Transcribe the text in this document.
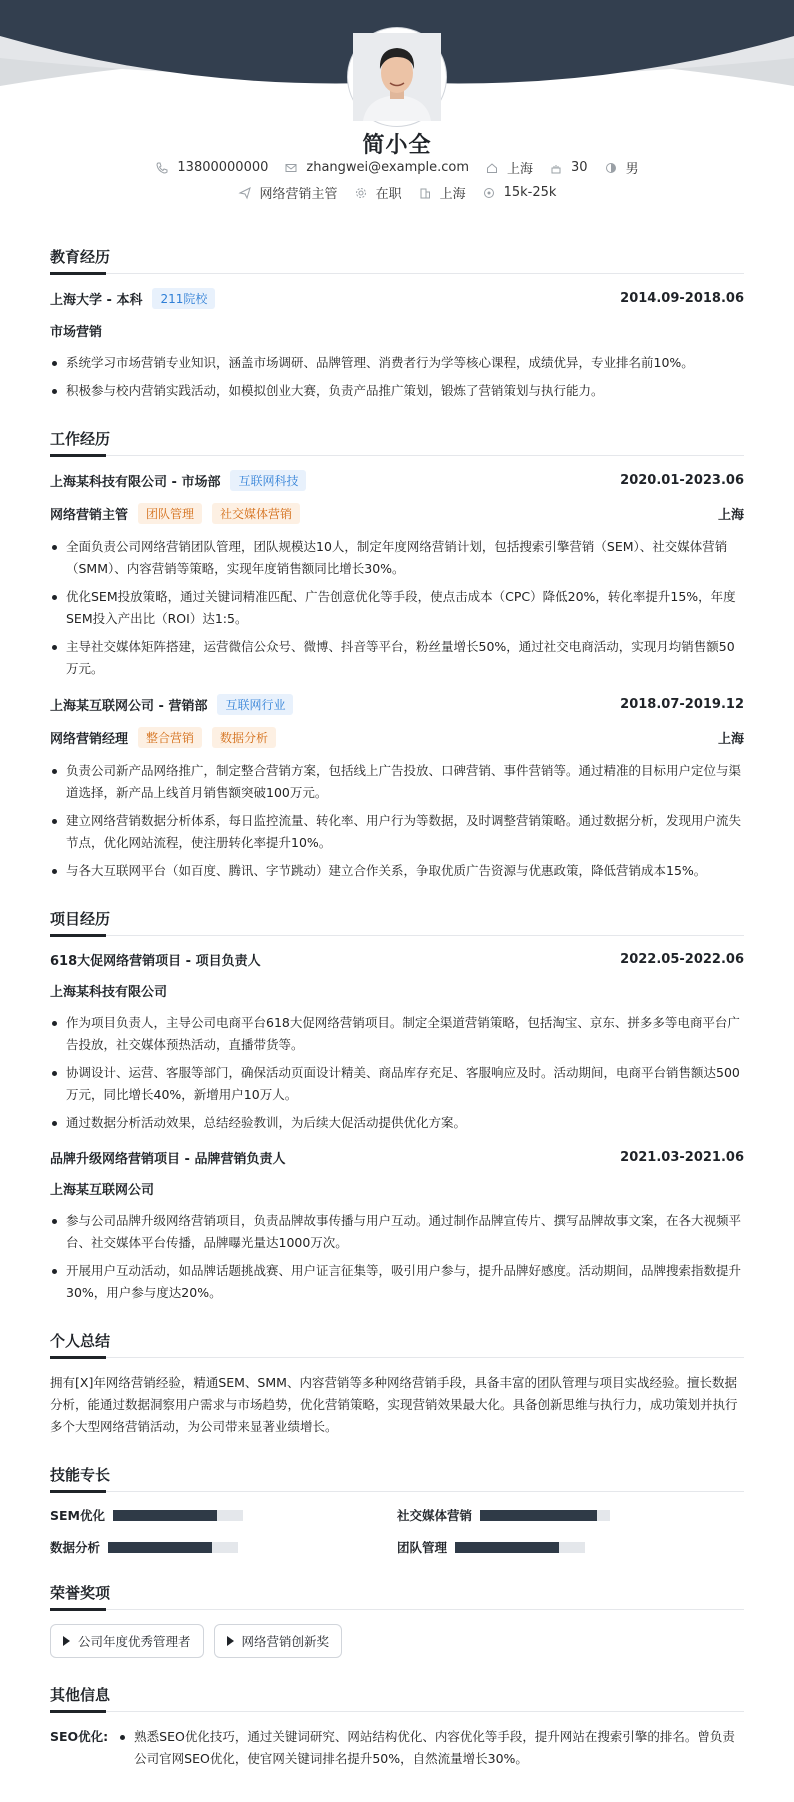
简小全
13800000000	zhangwei@example.com	上海	30	男
网络营销主管	在职	上海	15k-25k
教育经历
上海大学 - 本科	211院校	2014.09-2018.06
市场营销
系统学习市场营销专业知识，涵盖市场调研、品牌管理、消费者行为学等核心课程，成绩优异，专业排名前10%。
积极参与校内营销实践活动，如模拟创业大赛，负责产品推广策划，锻炼了营销策划与执行能力。
工作经历
上海某科技有限公司 - 市场部	互联网科技	2020.01-2023.06
网络营销主管	团队管理	社交媒体营销	上海
全面负责公司网络营销团队管理，团队规模达10人，制定年度网络营销计划，包括搜索引擎营销（SEM）、社交媒体营销（SMM）、内容营销等策略，实现年度销售额同比增长30%。
优化SEM投放策略，通过关键词精准匹配、广告创意优化等手段，使点击成本（CPC）降低20%，转化率提升15%，年度SEM投入产出比（ROI）达1:5。
主导社交媒体矩阵搭建，运营微信公众号、微博、抖音等平台，粉丝量增长50%，通过社交电商活动，实现月均销售额50万元。
上海某互联网公司 - 营销部	互联网行业	2018.07-2019.12
网络营销经理	整合营销	数据分析	上海
负责公司新产品网络推广，制定整合营销方案，包括线上广告投放、口碑营销、事件营销等。通过精准的目标用户定位与渠道选择，新产品上线首月销售额突破100万元。
建立网络营销数据分析体系，每日监控流量、转化率、用户行为等数据，及时调整营销策略。通过数据分析，发现用户流失节点，优化网站流程，使注册转化率提升10%。
与各大互联网平台（如百度、腾讯、字节跳动）建立合作关系，争取优质广告资源与优惠政策，降低营销成本15%。
项目经历
618大促网络营销项目 - 项目负责人	2022.05-2022.06
上海某科技有限公司
作为项目负责人，主导公司电商平台618大促网络营销项目。制定全渠道营销策略，包括淘宝、京东、拼多多等电商平台广告投放，社交媒体预热活动，直播带货等。
协调设计、运营、客服等部门，确保活动页面设计精美、商品库存充足、客服响应及时。活动期间，电商平台销售额达500万元，同比增长40%，新增用户10万人。
通过数据分析活动效果，总结经验教训，为后续大促活动提供优化方案。
品牌升级网络营销项目 - 品牌营销负责人	2021.03-2021.06
上海某互联网公司
参与公司品牌升级网络营销项目，负责品牌故事传播与用户互动。通过制作品牌宣传片、撰写品牌故事文案，在各大视频平台、社交媒体平台传播，品牌曝光量达1000万次。
开展用户互动活动，如品牌话题挑战赛、用户证言征集等，吸引用户参与，提升品牌好感度。活动期间，品牌搜索指数提升30%，用户参与度达20%。
个人总结
拥有[X]年网络营销经验，精通SEM、SMM、内容营销等多种网络营销手段，具备丰富的团队管理与项目实战经验。擅长数据分析，能通过数据洞察用户需求与市场趋势，优化营销策略，实现营销效果最大化。具备创新思维与执行力，成功策划并执行多个大型网络营销活动，为公司带来显著业绩增长。
技能专长
SEM优化	社交媒体营销
数据分析	团队管理
荣誉奖项
公司年度优秀管理者	网络营销创新奖
其他信息
SEO优化:	熟悉SEO优化技巧，通过关键词研究、网站结构优化、内容优化等手段，提升网站在搜索引擎的排名。曾负责公司官网SEO优化，使官网关键词排名提升50%，自然流量增长30%。
